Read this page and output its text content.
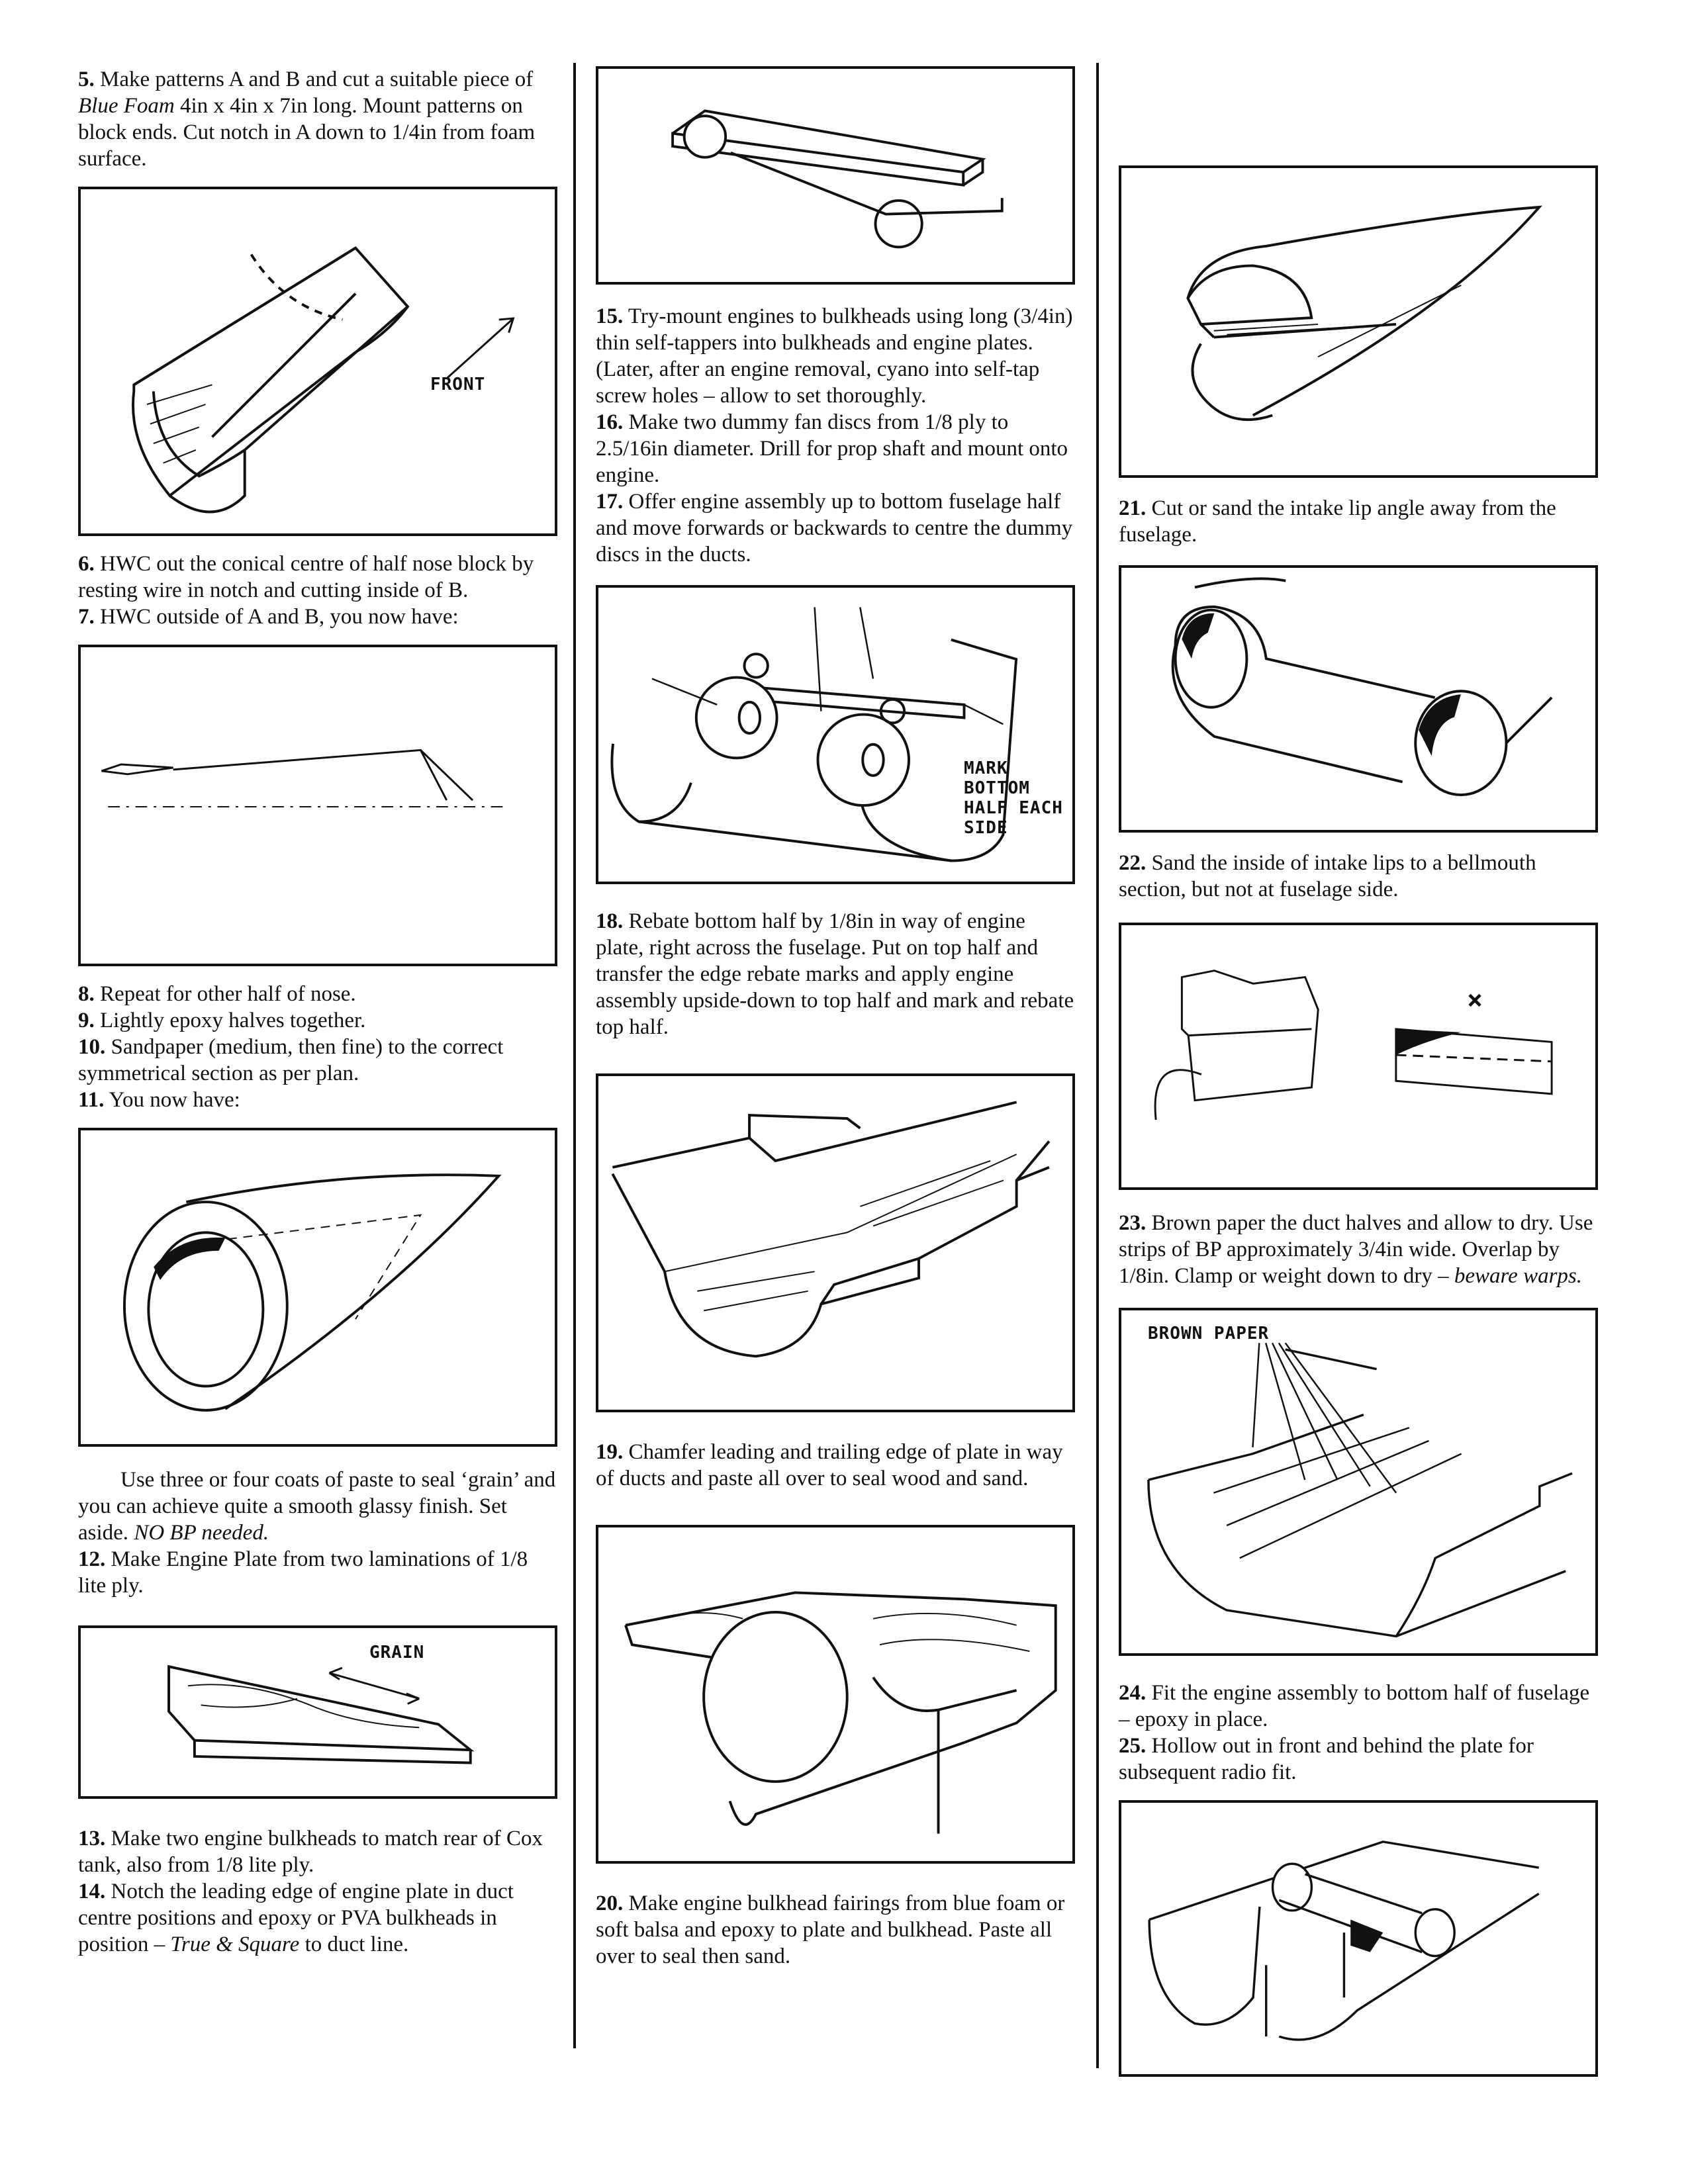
5. Make patterns A and B and cut a suitable piece of Blue Foam 4in x 4in x 7in long. Mount patterns on block ends. Cut notch in A down to 1/4in from foam surface.

FRONT

6. HWC out the conical centre of half nose block by resting wire in notch and cutting inside of B.

7. HWC outside of A and B, you now have:

8. Repeat for other half of nose.

9. Lightly epoxy halves together.

10. Sandpaper (medium, then fine) to the correct symmetrical section as per plan.

11. You now have:

Use three or four coats of paste to seal ‘grain’ and you can achieve quite a smooth glassy finish. Set aside. NO BP needed.

12. Make Engine Plate from two laminations of 1/8 lite ply.

GRAIN

13. Make two engine bulkheads to match rear of Cox tank, also from 1/8 lite ply.

14. Notch the leading edge of engine plate in duct centre positions and epoxy or PVA bulkheads in position – True & Square to duct line.

15. Try-mount engines to bulkheads using long (3/4in) thin self-tappers into bulkheads and engine plates. (Later, after an engine removal, cyano into self-tap screw holes – allow to set thoroughly.

16. Make two dummy fan discs from 1/8 ply to 2.5/16in diameter. Drill for prop shaft and mount onto engine.

17. Offer engine assembly up to bottom fuselage half and move forwards or backwards to centre the dummy discs in the ducts.

MARK
BOTTOM
HALF EACH
SIDE

18. Rebate bottom half by 1/8in in way of engine plate, right across the fuselage. Put on top half and transfer the edge rebate marks and apply engine assembly upside-down to top half and mark and rebate top half.

19. Chamfer leading and trailing edge of plate in way of ducts and paste all over to seal wood and sand.

20. Make engine bulkhead fairings from blue foam or soft balsa and epoxy to plate and bulkhead. Paste all over to seal then sand.

21. Cut or sand the intake lip angle away from the fuselage.

22. Sand the inside of intake lips to a bellmouth section, but not at fuselage side.

×

23. Brown paper the duct halves and allow to dry. Use strips of BP approximately 3/4in wide. Overlap by 1/8in. Clamp or weight down to dry – beware warps.

BROWN PAPER

24. Fit the engine assembly to bottom half of fuselage – epoxy in place.

25. Hollow out in front and behind the plate for subsequent radio fit.
